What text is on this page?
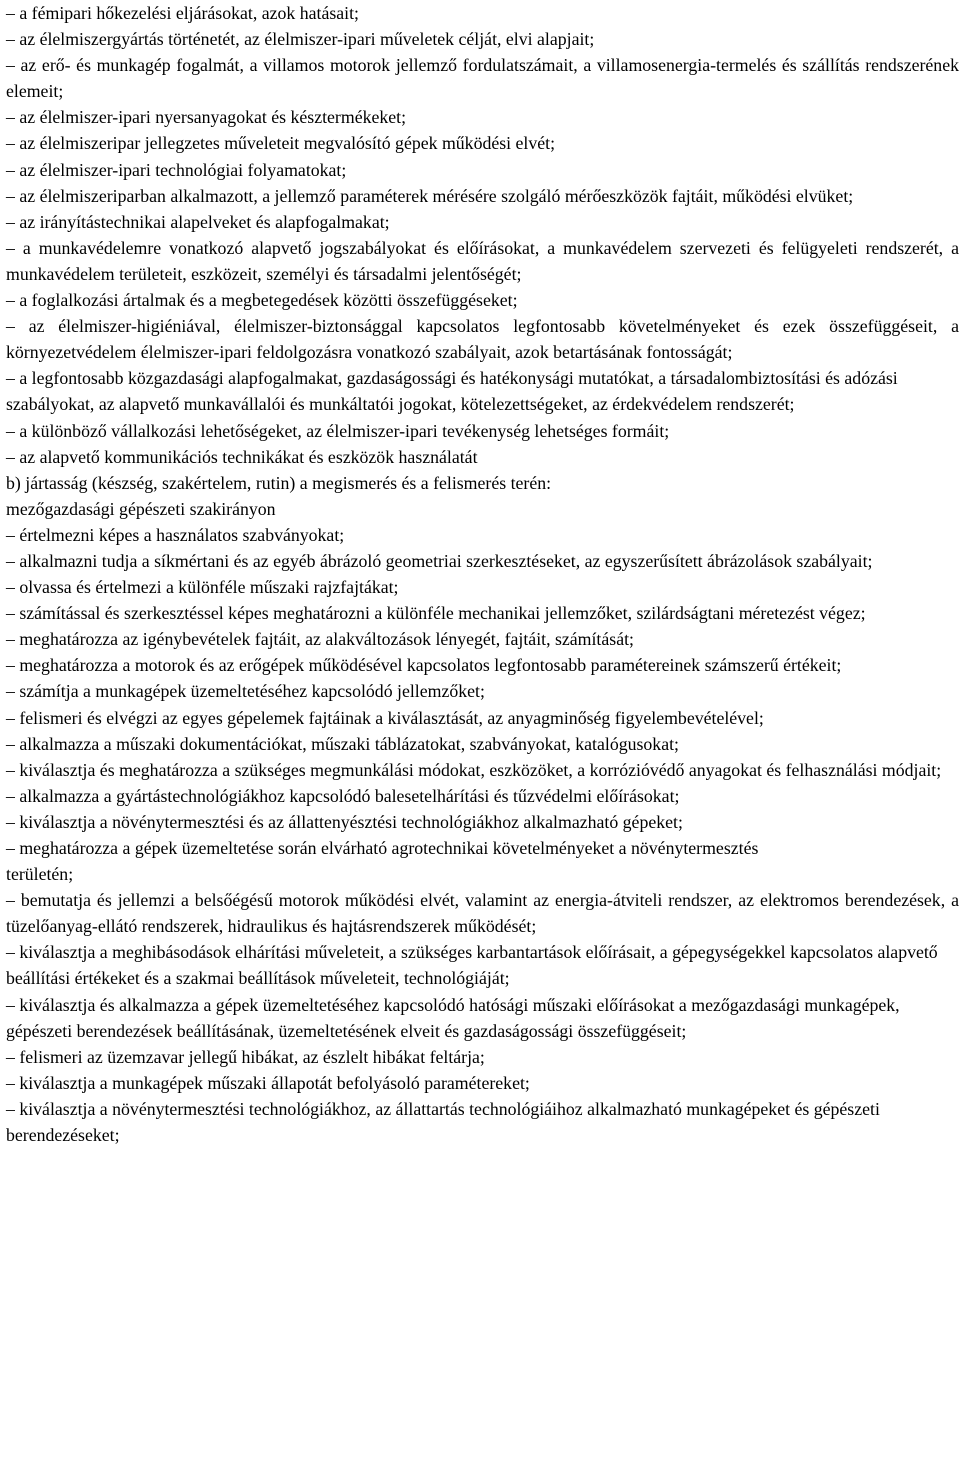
– a fémipari hőkezelési eljárásokat, azok hatásait;

– az élelmiszergyártás történetét, az élelmiszer-ipari műveletek célját, elvi alapjait;

– az erő- és munkagép fogalmát, a villamos motorok jellemző fordulatszámait, a villamosenergia-termelés és szállítás rendszerének elemeit;

– az élelmiszer-ipari nyersanyagokat és késztermékeket;

– az élelmiszeripar jellegzetes műveleteit megvalósító gépek működési elvét;

– az élelmiszer-ipari technológiai folyamatokat;

– az élelmiszeriparban alkalmazott, a jellemző paraméterek mérésére szolgáló mérőeszközök fajtáit, működési elvüket;

– az irányítástechnikai alapelveket és alapfogalmakat;

– a munkavédelemre vonatkozó alapvető jogszabályokat és előírásokat, a munkavédelem szervezeti és felügyeleti rendszerét, a munkavédelem területeit, eszközeit, személyi és társadalmi jelentőségét;

– a foglalkozási ártalmak és a megbetegedések közötti összefüggéseket;

– az élelmiszer-higiéniával, élelmiszer-biztonsággal kapcsolatos legfontosabb követelményeket és ezek összefüggéseit, a környezetvédelem élelmiszer-ipari feldolgozásra vonatkozó szabályait, azok betartásának fontosságát;

– a legfontosabb közgazdasági alapfogalmakat, gazdaságossági és hatékonysági mutatókat, a társadalombiztosítási és adózási szabályokat, az alapvető munkavállalói és munkáltatói jogokat, kötelezettségeket, az érdekvédelem rendszerét;

– a különböző vállalkozási lehetőségeket, az élelmiszer-ipari tevékenység lehetséges formáit;

– az alapvető kommunikációs technikákat és eszközök használatát

b) jártasság (készség, szakértelem, rutin) a megismerés és a felismerés terén:

mezőgazdasági gépészeti szakirányon

– értelmezni képes a használatos szabványokat;

– alkalmazni tudja a síkmértani és az egyéb ábrázoló geometriai szerkesztéseket, az egyszerűsített ábrázolások szabályait;

– olvassa és értelmezi a különféle műszaki rajzfajtákat;

– számítással és szerkesztéssel képes meghatározni a különféle mechanikai jellemzőket, szilárdságtani méretezést végez;

– meghatározza az igénybevételek fajtáit, az alakváltozások lényegét, fajtáit, számítását;

– meghatározza a motorok és az erőgépek működésével kapcsolatos legfontosabb paramétereinek számszerű értékeit;

– számítja a munkagépek üzemeltetéséhez kapcsolódó jellemzőket;

– felismeri és elvégzi az egyes gépelemek fajtáinak a kiválasztását, az anyagminőség figyelembevételével;

– alkalmazza a műszaki dokumentációkat, műszaki táblázatokat, szabványokat, katalógusokat;

– kiválasztja és meghatározza a szükséges megmunkálási módokat, eszközöket, a korrózióvédő anyagokat és felhasználási módjait;

– alkalmazza a gyártástechnológiákhoz kapcsolódó balesetelhárítási és tűzvédelmi előírásokat;

– kiválasztja a növénytermesztési és az állattenyésztési technológiákhoz alkalmazható gépeket;

– meghatározza a gépek üzemeltetése során elvárható agrotechnikai követelményeket a növénytermesztés

területén;

– bemutatja és jellemzi a belsőégésű motorok működési elvét, valamint az energia-átviteli rendszer, az elektromos berendezések, a tüzelőanyag-ellátó rendszerek, hidraulikus és hajtásrendszerek működését;

– kiválasztja a meghibásodások elhárítási műveleteit, a szükséges karbantartások előírásait, a gépegységekkel kapcsolatos alapvető beállítási értékeket és a szakmai beállítások műveleteit, technológiáját;

– kiválasztja és alkalmazza a gépek üzemeltetéséhez kapcsolódó hatósági műszaki előírásokat a mezőgazdasági munkagépek, gépészeti berendezések beállításának, üzemeltetésének elveit és gazdaságossági összefüggéseit;

– felismeri az üzemzavar jellegű hibákat, az észlelt hibákat feltárja;

– kiválasztja a munkagépek műszaki állapotát befolyásoló paramétereket;

– kiválasztja a növénytermesztési technológiákhoz, az állattartás technológiáihoz alkalmazható munkagépeket és gépészeti berendezéseket;
